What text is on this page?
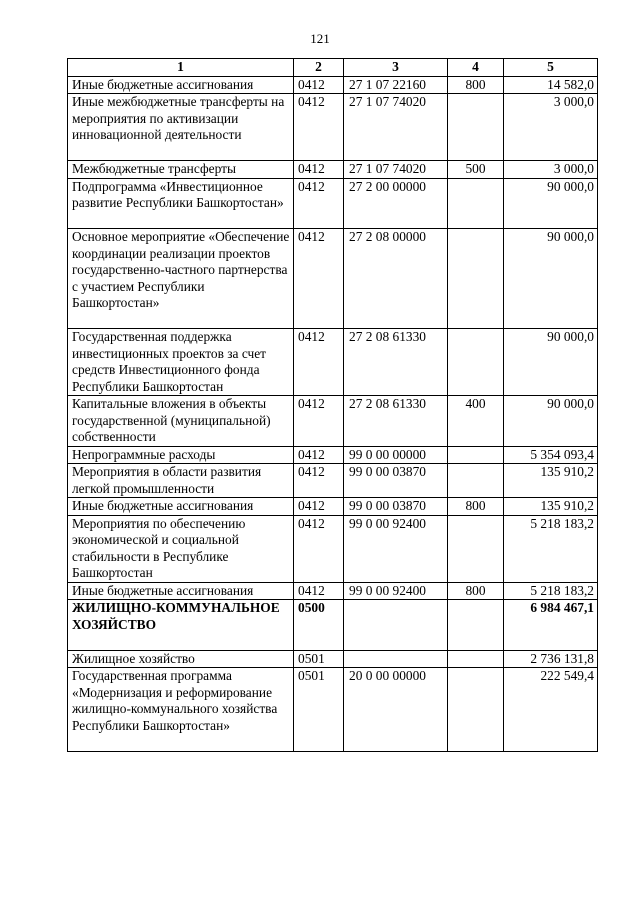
121
1	2	3	4	5
Иные бюджетные ассигнования	0412	27 1 07 22160	800	14 582,0
Иные межбюджетные трансферты на мероприятия по активизации инновационной деятельности	0412	27 1 07 74020		3 000,0
Межбюджетные трансферты	0412	27 1 07 74020	500	3 000,0
Подпрограмма «Инвестиционное развитие Республики Башкортостан»	0412	27 2 00 00000		90 000,0
Основное мероприятие «Обеспечение координации реализации проектов государственно-частного партнерства с участием Республики Башкортостан»	0412	27 2 08 00000		90 000,0
Государственная поддержка инвестиционных проектов за счет средств Инвестиционного фонда Республики Башкортостан	0412	27 2 08 61330		90 000,0
Капитальные вложения в объекты государственной (муниципальной) собственности	0412	27 2 08 61330	400	90 000,0
Непрограммные расходы	0412	99 0 00 00000		5 354 093,4
Мероприятия в области развития легкой промышленности	0412	99 0 00 03870		135 910,2
Иные бюджетные ассигнования	0412	99 0 00 03870	800	135 910,2
Мероприятия по обеспечению экономической и социальной стабильности в Республике Башкортостан	0412	99 0 00 92400		5 218 183,2
Иные бюджетные ассигнования	0412	99 0 00 92400	800	5 218 183,2
ЖИЛИЩНО-КОММУНАЛЬНОЕ ХОЗЯЙСТВО	0500			6 984 467,1
Жилищное хозяйство	0501			2 736 131,8
Государственная программа «Модернизация и реформирование жилищно-коммунального хозяйства Республики Башкортостан»	0501	20 0 00 00000		222 549,4
